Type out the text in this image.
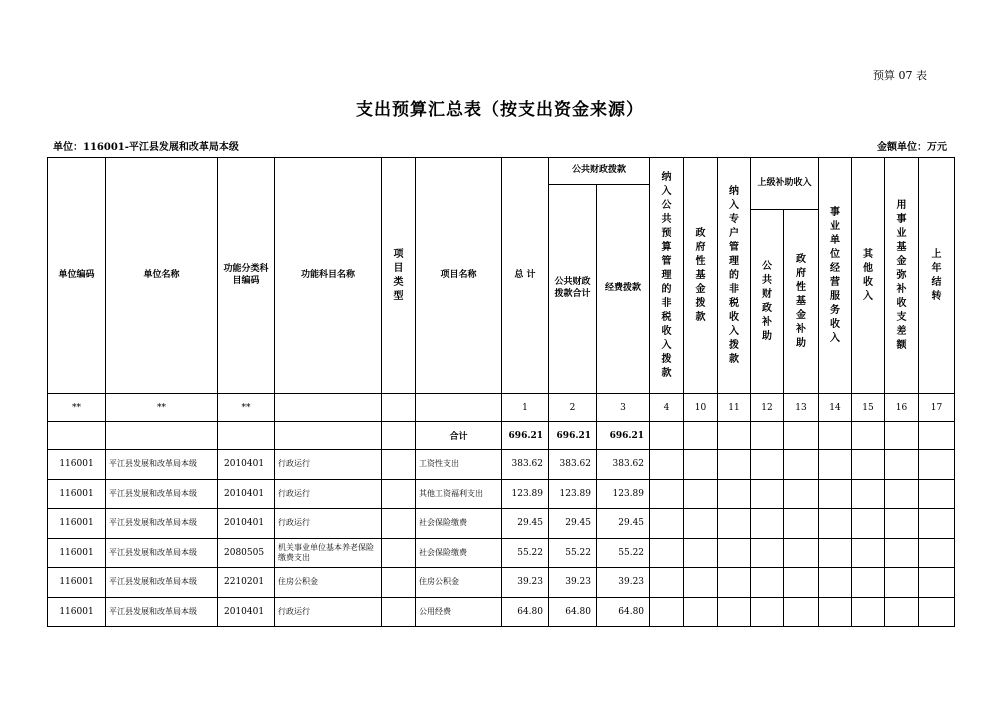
预算 07 表
支出预算汇总表（按支出资金来源）
单位：116001-平江县发展和改革局本级	金额单位：万元
单位编码	单位名称	功能分类科目编码	功能科目名称	项目类型	项目名称	总 计	公共财政拨款		纳入公共预算管理的非税收入拨款	政府性基金拨款	纳入专户管理的非税收入拨款	上级补助收入		事业单位经营服务收入	其他收入	用事业基金弥补收支差额	上年结转
							公共财政拨款合计	经费拨款									
												公共财政补助	政府性基金补助				
**	**	**				1	2	3	4	10	11	12	13	14	15	16	17
					合计	696.21	696.21	696.21									
116001	平江县发展和改革局本级	2010401	行政运行		工资性支出	383.62	383.62	383.62									
116001	平江县发展和改革局本级	2010401	行政运行		其他工资福利支出	123.89	123.89	123.89									
116001	平江县发展和改革局本级	2010401	行政运行		社会保险缴费	29.45	29.45	29.45									
116001	平江县发展和改革局本级	2080505	机关事业单位基本养老保险缴费支出		社会保险缴费	55.22	55.22	55.22									
116001	平江县发展和改革局本级	2210201	住房公积金		住房公积金	39.23	39.23	39.23									
116001	平江县发展和改革局本级	2010401	行政运行		公用经费	64.80	64.80	64.80									
